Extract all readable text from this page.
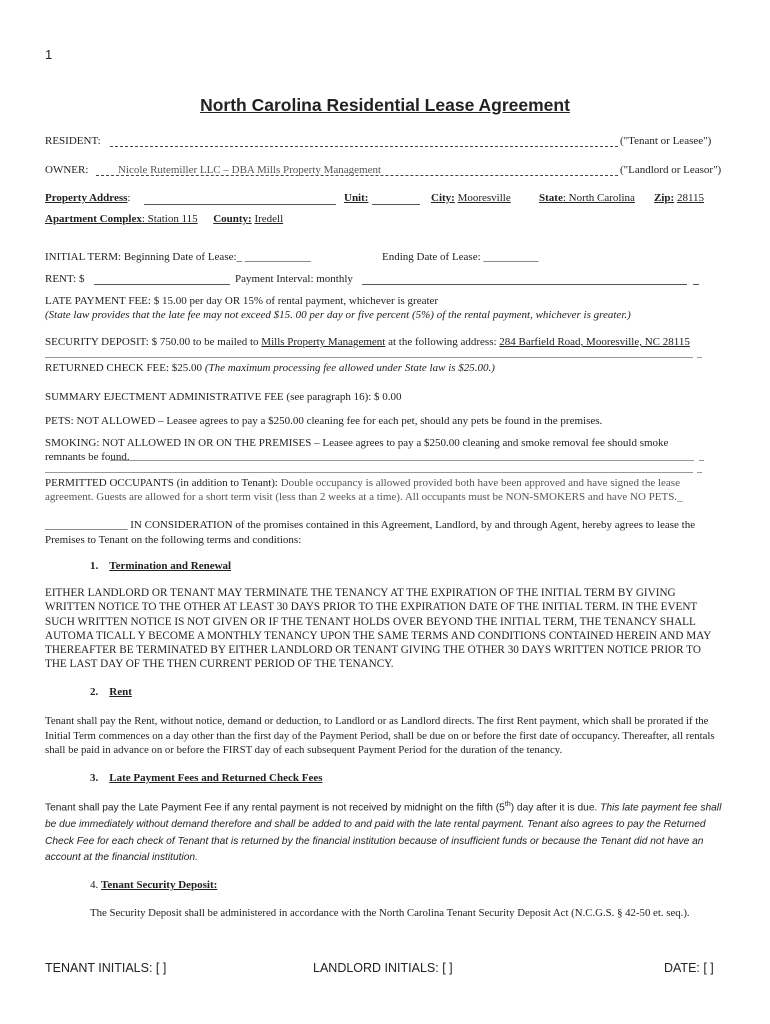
1
North Carolina Residential Lease Agreement
RESIDENT:	("Tenant or Leasee")
OWNER:	Nicole Rutemiller LLC – DBA Mills Property Management	("Landlord or Leasor")
Property Address:	Unit:	City: Mooresville	State: North Carolina Zip: 28115
Apartment Complex: Station 115 County: Iredell
INITIAL TERM: Beginning Date of Lease:_ ____________	Ending Date of Lease: __________
RENT: $	Payment Interval: monthly
LATE PAYMENT FEE: $ 15.00 per day OR 15% of rental payment, whichever is greater
(State law provides that the late fee may not exceed $15. 00 per day or five percent (5%) of the rental payment, whichever is greater.)
SECURITY DEPOSIT: $ 750.00 to be mailed to Mills Property Management at the following address: 284 Barfield Road, Mooresville, NC 28115
RETURNED CHECK FEE: $25.00 (The maximum processing fee allowed under State law is $25.00.)
SUMMARY EJECTMENT ADMINISTRATIVE FEE (see paragraph 16): $ 0.00
PETS: NOT ALLOWED – Leasee agrees to pay a $250.00 cleaning fee for each pet, should any pets be found in the premises.
SMOKING: NOT ALLOWED IN OR ON THE PREMISES – Leasee agrees to pay a $250.00 cleaning and smoke removal fee should smoke remnants be found.
PERMITTED OCCUPANTS (in addition to Tenant): Double occupancy is allowed provided both have been approved and have signed the lease agreement. Guests are allowed for a short term visit (less than 2 weeks at a time). All occupants must be NON-SMOKERS and have NO PETS._
_______________ IN CONSIDERATION of the promises contained in this Agreement, Landlord, by and through Agent, hereby agrees to lease the Premises to Tenant on the following terms and conditions:
1. Termination and Renewal
EITHER LANDLORD OR TENANT MAY TERMINATE THE TENANCY AT THE EXPIRATION OF THE INITIAL TERM BY GIVING WRITTEN NOTICE TO THE OTHER AT LEAST 30 DAYS PRIOR TO THE EXPIRATION DATE OF THE INITIAL TERM. IN THE EVENT SUCH WRITTEN NOTICE IS NOT GIVEN OR IF THE TENANT HOLDS OVER BEYOND THE INITIAL TERM, THE TENANCY SHALL AUTOMA TICALL Y BECOME A MONTHLY TENANCY UPON THE SAME TERMS AND CONDITIONS CONTAINED HEREIN AND MAY THEREAFTER BE TERMINATED BY EITHER LANDLORD OR TENANT GIVING THE OTHER 30 DAYS WRITTEN NOTICE PRIOR TO THE LAST DAY OF THE THEN CURRENT PERIOD OF THE TENANCY.
2. Rent
Tenant shall pay the Rent, without notice, demand or deduction, to Landlord or as Landlord directs. The first Rent payment, which shall be prorated if the Initial Term commences on a day other than the first day of the Payment Period, shall be due on or before the first date of occupancy. Thereafter, all rentals shall be paid in advance on or before the FIRST day of each subsequent Payment Period for the duration of the tenancy.
3. Late Payment Fees and Returned Check Fees
Tenant shall pay the Late Payment Fee if any rental payment is not received by midnight on the fifth (5th) day after it is due. This late payment fee shall be due immediately without demand therefore and shall be added to and paid with the late rental payment. Tenant also agrees to pay the Returned Check Fee for each check of Tenant that is returned by the financial institution because of insufficient funds or because the Tenant did not have an account at the financial institution.
4. Tenant Security Deposit:
The Security Deposit shall be administered in accordance with the North Carolina Tenant Security Deposit Act (N.C.G.S. § 42-50 et. seq.).
TENANT INITIALS: [ ]	LANDLORD INITIALS: [ ]	DATE: [ ]
